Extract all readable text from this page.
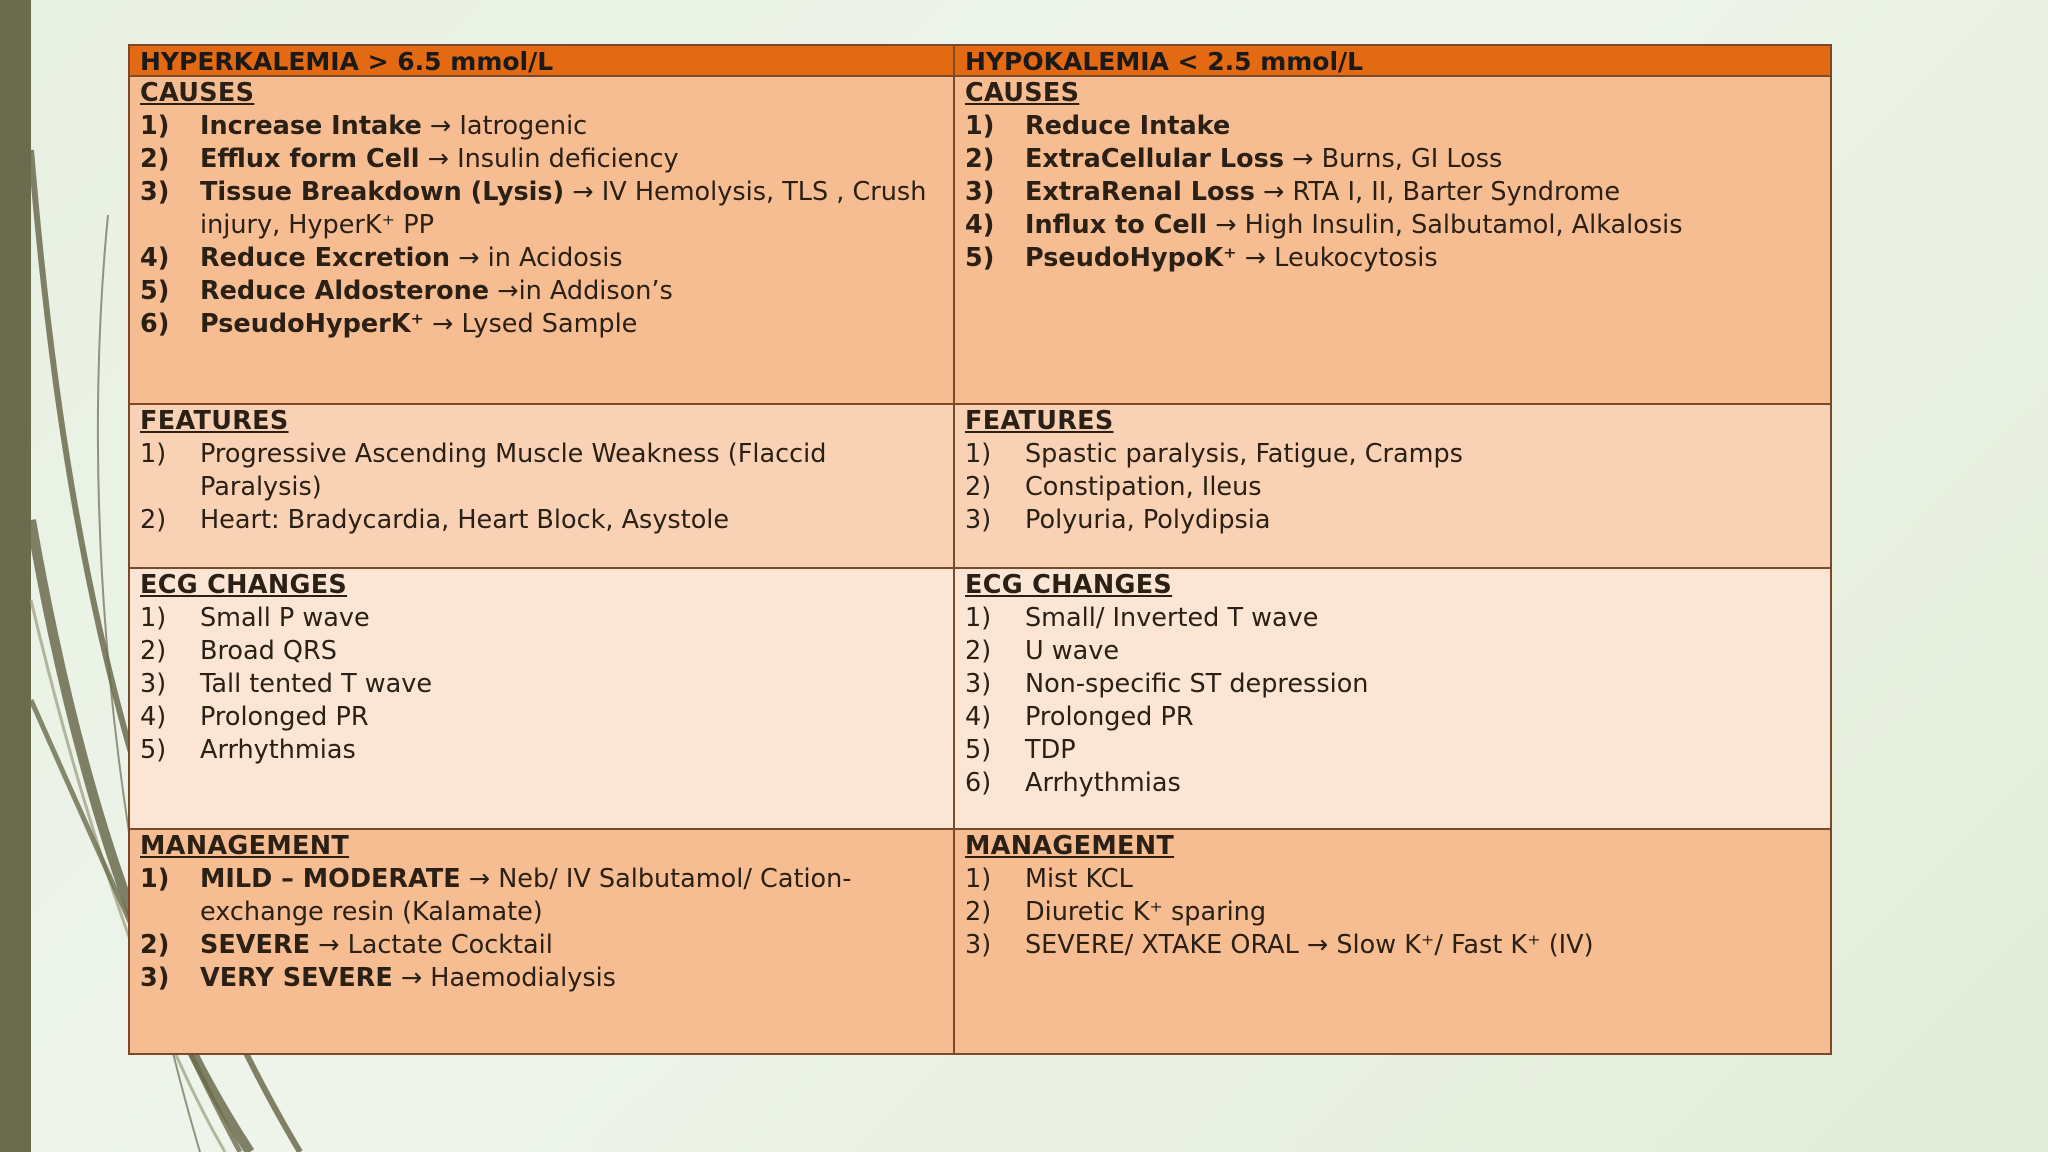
HYPERKALEMIA > 6.5 mmol/L	HYPOKALEMIA < 2.5 mmol/L
CAUSES
1)	Increase Intake → Iatrogenic
2)	Efflux form Cell → Insulin deficiency
3)	Tissue Breakdown (Lysis) → IV Hemolysis, TLS , Crush injury, HyperK⁺ PP
4)	Reduce Excretion → in Acidosis
5)	Reduce Aldosterone →in Addison’s
6)	PseudoHyperK⁺ → Lysed Sample
CAUSES
1)	Reduce Intake
2)	ExtraCellular Loss → Burns, GI Loss
3)	ExtraRenal Loss → RTA I, II, Barter Syndrome
4)	Influx to Cell → High Insulin, Salbutamol, Alkalosis
5)	PseudoHypoK⁺ → Leukocytosis
FEATURES
1)	Progressive Ascending Muscle Weakness (Flaccid Paralysis)
2)	Heart: Bradycardia, Heart Block, Asystole
FEATURES
1)	Spastic paralysis, Fatigue, Cramps
2)	Constipation, Ileus
3)	Polyuria, Polydipsia
ECG CHANGES
1)	Small P wave
2)	Broad QRS
3)	Tall tented T wave
4)	Prolonged PR
5)	Arrhythmias
ECG CHANGES
1)	Small/ Inverted T wave
2)	U wave
3)	Non-specific ST depression
4)	Prolonged PR
5)	TDP
6)	Arrhythmias
MANAGEMENT
1)	MILD – MODERATE → Neb/ IV Salbutamol/ Cation-exchange resin (Kalamate)
2)	SEVERE → Lactate Cocktail
3)	VERY SEVERE → Haemodialysis
MANAGEMENT
1)	Mist KCL
2)	Diuretic K⁺ sparing
3)	SEVERE/ XTAKE ORAL → Slow K⁺/ Fast K⁺ (IV)
